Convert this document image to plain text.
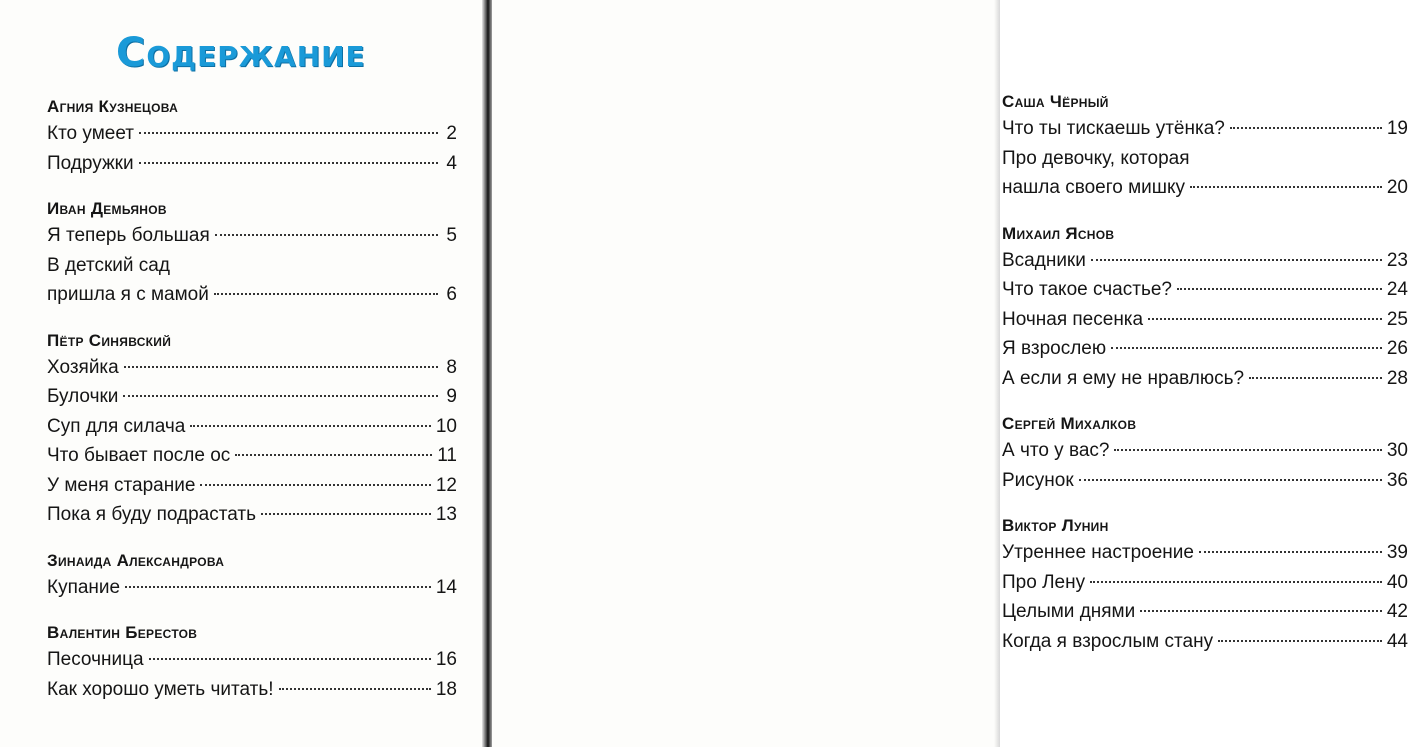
Содержание
Агния Кузнецова
Кто умеет	2
Подружки	4
Иван Демьянов
Я теперь большая	5
В детский сад
пришла я с мамой	6
Пётр Синявский
Хозяйка	8
Булочки	9
Суп для силача	10
Что бывает после ос	11
У меня старание	12
Пока я буду подрастать	13
Зинаида Александрова
Купание	14
Валентин Берестов
Песочница	16
Как хорошо уметь читать!	18
Саша Чёрный
Что ты тискаешь утёнка?	19
Про девочку, которая
нашла своего мишку	20
Михаил Яснов
Всадники	23
Что такое счастье?	24
Ночная песенка	25
Я взрослею	26
А если я ему не нравлюсь?	28
Сергей Михалков
А что у вас?	30
Рисунок	36
Виктор Лунин
Утреннее настроение	39
Про Лену	40
Целыми днями	42
Когда я взрослым стану	44
